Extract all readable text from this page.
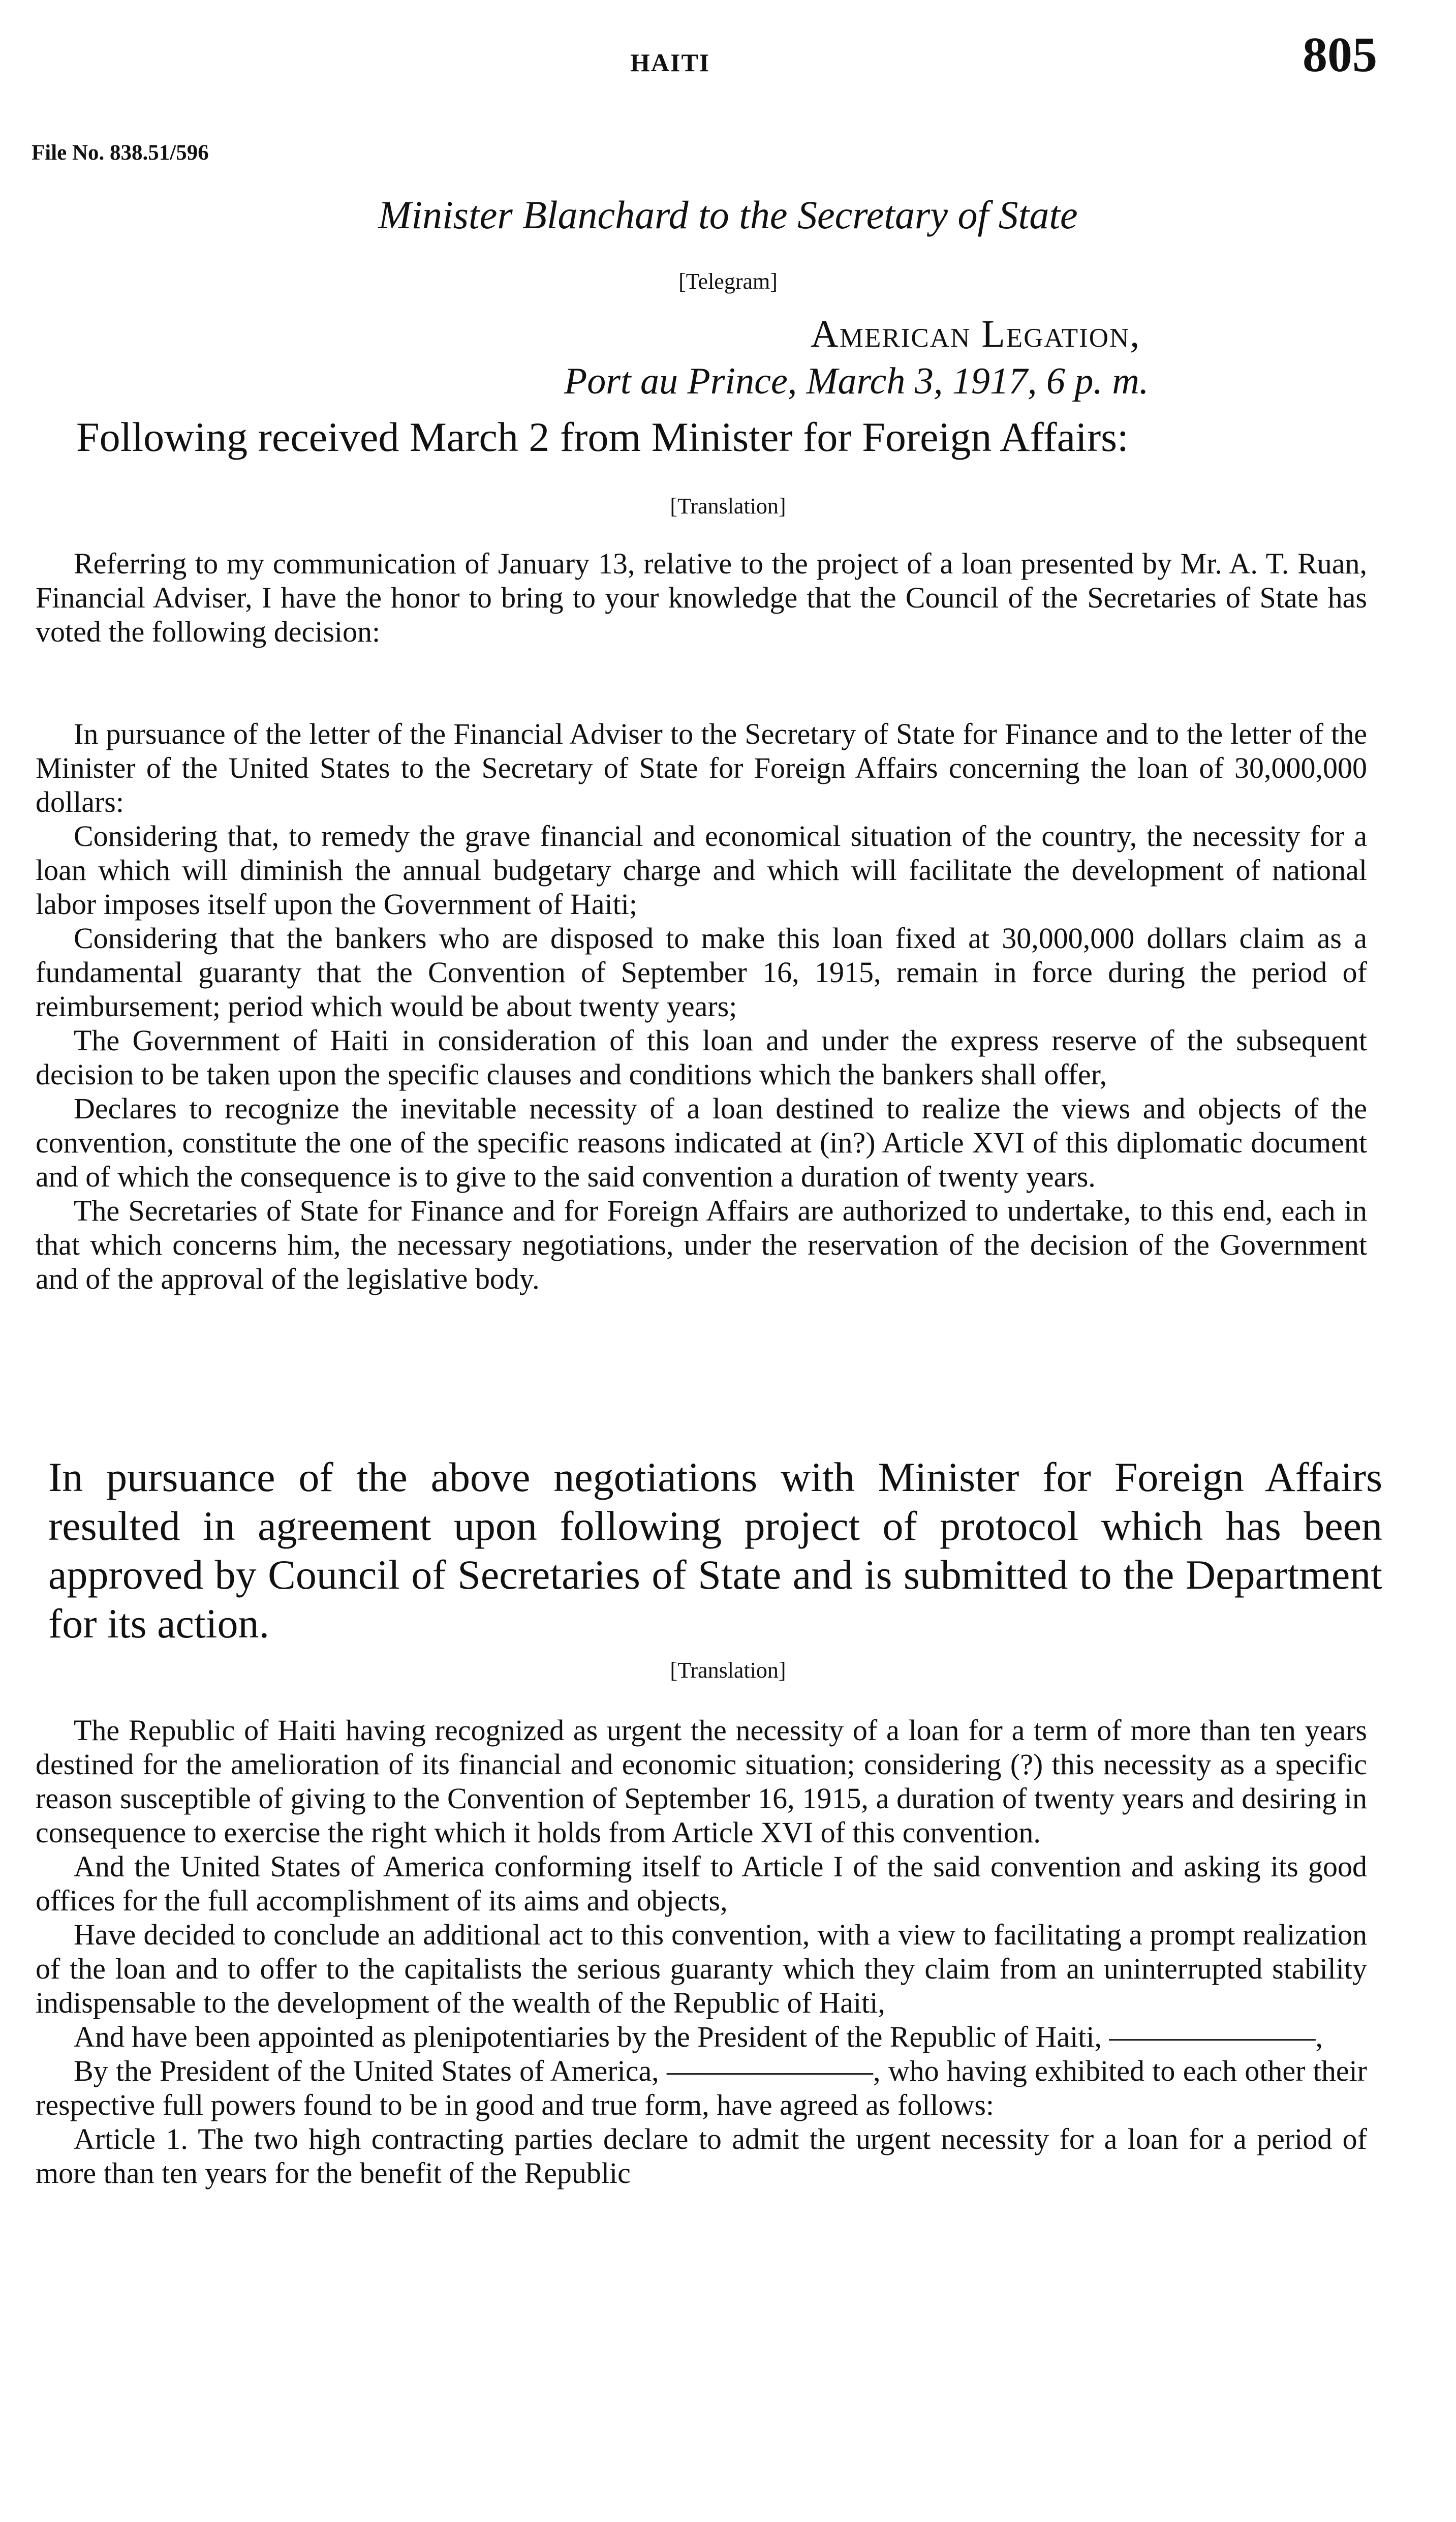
HAITI	805
File No. 838.51/596
Minister Blanchard to the Secretary of State
[Telegram]
American Legation,
Port au Prince, March 3, 1917, 6 p. m.

Following received March 2 from Minister for Foreign Affairs:

[Translation]

Referring to my communication of January 13, relative to the project of a loan presented by Mr. A. T. Ruan, Financial Adviser, I have the honor to bring to your knowledge that the Council of the Secretaries of State has voted the following decision:

In pursuance of the letter of the Financial Adviser to the Secretary of State for Finance and to the letter of the Minister of the United States to the Secretary of State for Foreign Affairs concerning the loan of 30,000,000 dollars:

Considering that, to remedy the grave financial and economical situation of the country, the necessity for a loan which will diminish the annual budgetary charge and which will facilitate the development of national labor imposes itself upon the Government of Haiti;

Considering that the bankers who are disposed to make this loan fixed at 30,000,000 dollars claim as a fundamental guaranty that the Convention of September 16, 1915, remain in force during the period of reimbursement; period which would be about twenty years;

The Government of Haiti in consideration of this loan and under the express reserve of the subsequent decision to be taken upon the specific clauses and conditions which the bankers shall offer,

Declares to recognize the inevitable necessity of a loan destined to realize the views and objects of the convention, constitute the one of the specific reasons indicated at (in?) Article XVI of this diplomatic document and of which the consequence is to give to the said convention a duration of twenty years.

The Secretaries of State for Finance and for Foreign Affairs are authorized to undertake, to this end, each in that which concerns him, the necessary negotiations, under the reservation of the decision of the Government and of the approval of the legislative body.

In pursuance of the above negotiations with Minister for Foreign Affairs resulted in agreement upon following project of protocol which has been approved by Council of Secretaries of State and is submitted to the Department for its action.

[Translation]

The Republic of Haiti having recognized as urgent the necessity of a loan for a term of more than ten years destined for the amelioration of its financial and economic situation; considering (?) this necessity as a specific reason susceptible of giving to the Convention of September 16, 1915, a duration of twenty years and desiring in consequence to exercise the right which it holds from Article XVI of this convention.

And the United States of America conforming itself to Article I of the said convention and asking its good offices for the full accomplishment of its aims and objects,

Have decided to conclude an additional act to this convention, with a view to facilitating a prompt realization of the loan and to offer to the capitalists the serious guaranty which they claim from an uninterrupted stability indispensable to the development of the wealth of the Republic of Haiti,

And have been appointed as plenipotentiaries by the President of the Republic of Haiti, ———————,

By the President of the United States of America, ———————, who having exhibited to each other their respective full powers found to be in good and true form, have agreed as follows:

Article 1. The two high contracting parties declare to admit the urgent necessity for a loan for a period of more than ten years for the benefit of the Republic
